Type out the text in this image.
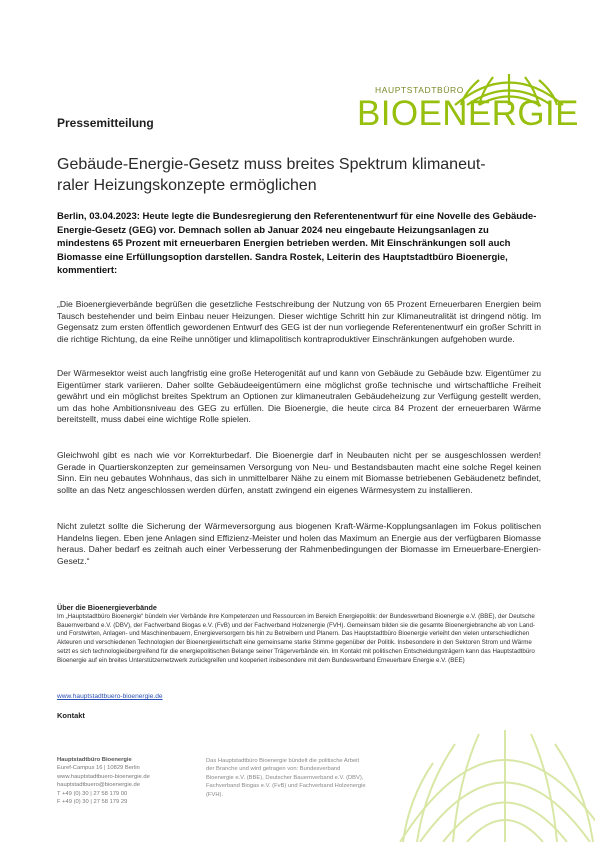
HAUPTSTADTBÜRO
BIOENERGIE
Pressemitteilung
Gebäude-Energie-Gesetz muss breites Spektrum klimaneut-
raler Heizungskonzepte ermöglichen
Berlin, 03.04.2023: Heute legte die Bundesregierung den Referentenentwurf für eine Novelle des Gebäude-Energie-Gesetz (GEG) vor. Demnach sollen ab Januar 2024 neu eingebaute Heizungsanlagen zu mindestens 65 Prozent mit erneuerbaren Energien betrieben werden. Mit Einschränkungen soll auch Biomasse eine Erfüllungsoption darstellen. Sandra Rostek, Leiterin des Hauptstadtbüro Bioenergie, kommentiert:
„Die Bioenergieverbände begrüßen die gesetzliche Festschreibung der Nutzung von 65 Prozent Erneuerbaren Energien beim Tausch bestehender und beim Einbau neuer Heizungen. Dieser wichtige Schritt hin zur Klimaneutralität ist dringend nötig. Im Gegensatz zum ersten öffentlich gewordenen Entwurf des GEG ist der nun vorliegende Referentenentwurf ein großer Schritt in die richtige Richtung, da eine Reihe unnötiger und klimapolitisch kontraproduktiver Einschränkungen aufgehoben wurde.
Der Wärmesektor weist auch langfristig eine große Heterogenität auf und kann von Gebäude zu Gebäude bzw. Eigentümer zu Eigentümer stark variieren. Daher sollte Gebäudeeigentümern eine möglichst große technische und wirtschaftliche Freiheit gewährt und ein möglichst breites Spektrum an Optionen zur klimaneutralen Gebäudeheizung zur Verfügung gestellt werden, um das hohe Ambitionsniveau des GEG zu erfüllen. Die Bioenergie, die heute circa 84 Prozent der erneuerbaren Wärme bereitstellt, muss dabei eine wichtige Rolle spielen.
Gleichwohl gibt es nach wie vor Korrekturbedarf. Die Bioenergie darf in Neubauten nicht per se ausgeschlossen werden! Gerade in Quartierskonzepten zur gemeinsamen Versorgung von Neu- und Bestandsbauten macht eine solche Regel keinen Sinn. Ein neu gebautes Wohnhaus, das sich in unmittelbarer Nähe zu einem mit Biomasse betriebenen Gebäudenetz befindet, sollte an das Netz angeschlossen werden dürfen, anstatt zwingend ein eigenes Wärmesystem zu installieren.
Nicht zuletzt sollte die Sicherung der Wärmeversorgung aus biogenen Kraft-Wärme-Kopplungsanlagen im Fokus politischen Handelns liegen. Eben jene Anlagen sind Effizienz-Meister und holen das Maximum an Energie aus der verfügbaren Biomasse heraus. Daher bedarf es zeitnah auch einer Verbesserung der Rahmenbedingungen der Biomasse im Erneuerbare-Energien-Gesetz.“
Über die Bioenergieverbände
Im „Hauptstadtbüro Bioenergie“ bündeln vier Verbände ihre Kompetenzen und Ressourcen im Bereich Energiepolitik: der Bundesverband Bioenergie e.V. (BBE), der Deutsche Bauernverband e.V. (DBV), der Fachverband Biogas e.V. (FvB) und der Fachverband Holzenergie (FVH). Gemeinsam bilden sie die gesamte Bioenergiebranche ab von Land- und Forstwirten, Anlagen- und Maschinenbauern, Energieversorgern bis hin zu Betreibern und Planern. Das Hauptstadtbüro Bioenergie verleiht den vielen unterschiedlichen Akteuren und verschiedenen Technologien der Bioenergiewirtschaft eine gemeinsame starke Stimme gegenüber der Politik. Insbesondere in den Sektoren Strom und Wärme setzt es sich technologieübergreifend für die energiepolitischen Belange seiner Trägerverbände ein. Im Kontakt mit politischen Entscheidungsträgern kann das Hauptstadtbüro Bioenergie auf ein breites Unterstützernetzwerk zurückgreifen und kooperiert insbesondere mit dem Bundesverband Erneuerbare Energie e.V. (BEE)
www.hauptstadtbuero-bioenergie.de
Kontakt
Hauptstadtbüro Bioenergie
Euref-Campus 16 | 10829 Berlin
www.hauptstadtbuero-bioenergie.de
hauptstadtbuero@bioenergie.de
T +49 (0) 30 | 27 58 179 00
F +49 (0) 30 | 27 58 179 29
Das Hauptstadtbüro Bioenergie bündelt die politische Arbeit der Branche und wird getragen von: Bundesverband Bioenergie e.V. (BBE), Deutscher Bauernverband e.V. (DBV), Fachverband Biogas e.V. (FvB) und Fachverband Holzenergie (FVH).
